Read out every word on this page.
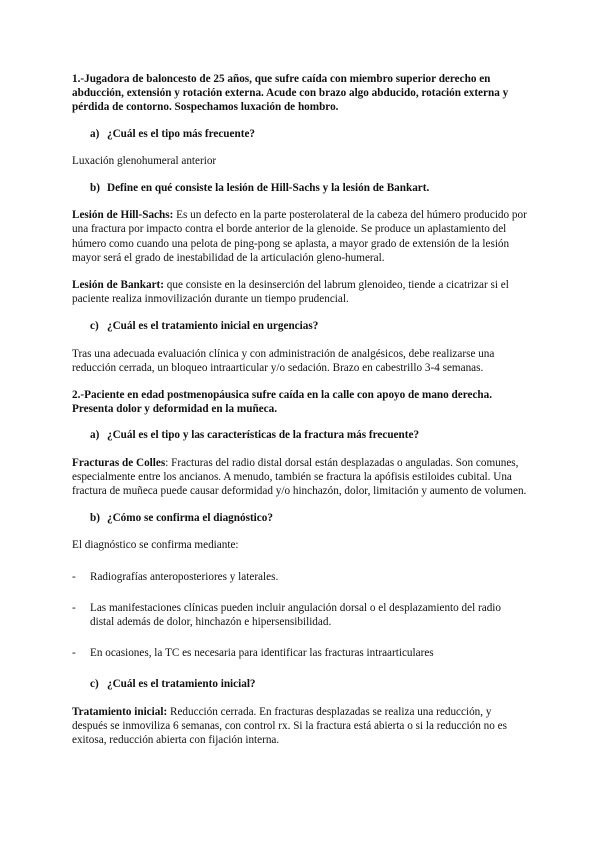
1.-Jugadora de baloncesto de 25 años, que sufre caída con miembro superior derecho en abducción, extensión y rotación externa. Acude con brazo algo abducido, rotación externa y pérdida de contorno. Sospechamos luxación de hombro.

a) ¿Cuál es el tipo más frecuente?

Luxación glenohumeral anterior

b) Define en qué consiste la lesión de Hill-Sachs y la lesión de Bankart.

Lesión de Hill-Sachs: Es un defecto en la parte posterolateral de la cabeza del húmero producido por una fractura por impacto contra el borde anterior de la glenoide. Se produce un aplastamiento del húmero como cuando una pelota de ping-pong se aplasta, a mayor grado de extensión de la lesión mayor será el grado de inestabilidad de la articulación gleno-humeral.

Lesión de Bankart: que consiste en la desinserción del labrum glenoideo, tiende a cicatrizar si el paciente realiza inmovilización durante un tiempo prudencial.

c) ¿Cuál es el tratamiento inicial en urgencias?

Tras una adecuada evaluación clínica y con administración de analgésicos, debe realizarse una reducción cerrada, un bloqueo intraarticular y/o sedación. Brazo en cabestrillo 3-4 semanas.

2.-Paciente en edad postmenopáusica sufre caída en la calle con apoyo de mano derecha. Presenta dolor y deformidad en la muñeca.

a) ¿Cuál es el tipo y las características de la fractura más frecuente?

Fracturas de Colles: Fracturas del radio distal dorsal están desplazadas o anguladas. Son comunes, especialmente entre los ancianos. A menudo, también se fractura la apófisis estiloides cubital. Una fractura de muñeca puede causar deformidad y/o hinchazón, dolor, limitación y aumento de volumen.

b) ¿Cómo se confirma el diagnóstico?

El diagnóstico se confirma mediante:

- Radiografías anteroposteriores y laterales.

- Las manifestaciones clínicas pueden incluir angulación dorsal o el desplazamiento del radio distal además de dolor, hinchazón e hipersensibilidad.

- En ocasiones, la TC es necesaria para identificar las fracturas intraarticulares

c) ¿Cuál es el tratamiento inicial?

Tratamiento inicial: Reducción cerrada. En fracturas desplazadas se realiza una reducción, y después se inmoviliza 6 semanas, con control rx. Si la fractura está abierta o si la reducción no es exitosa, reducción abierta con fijación interna.
